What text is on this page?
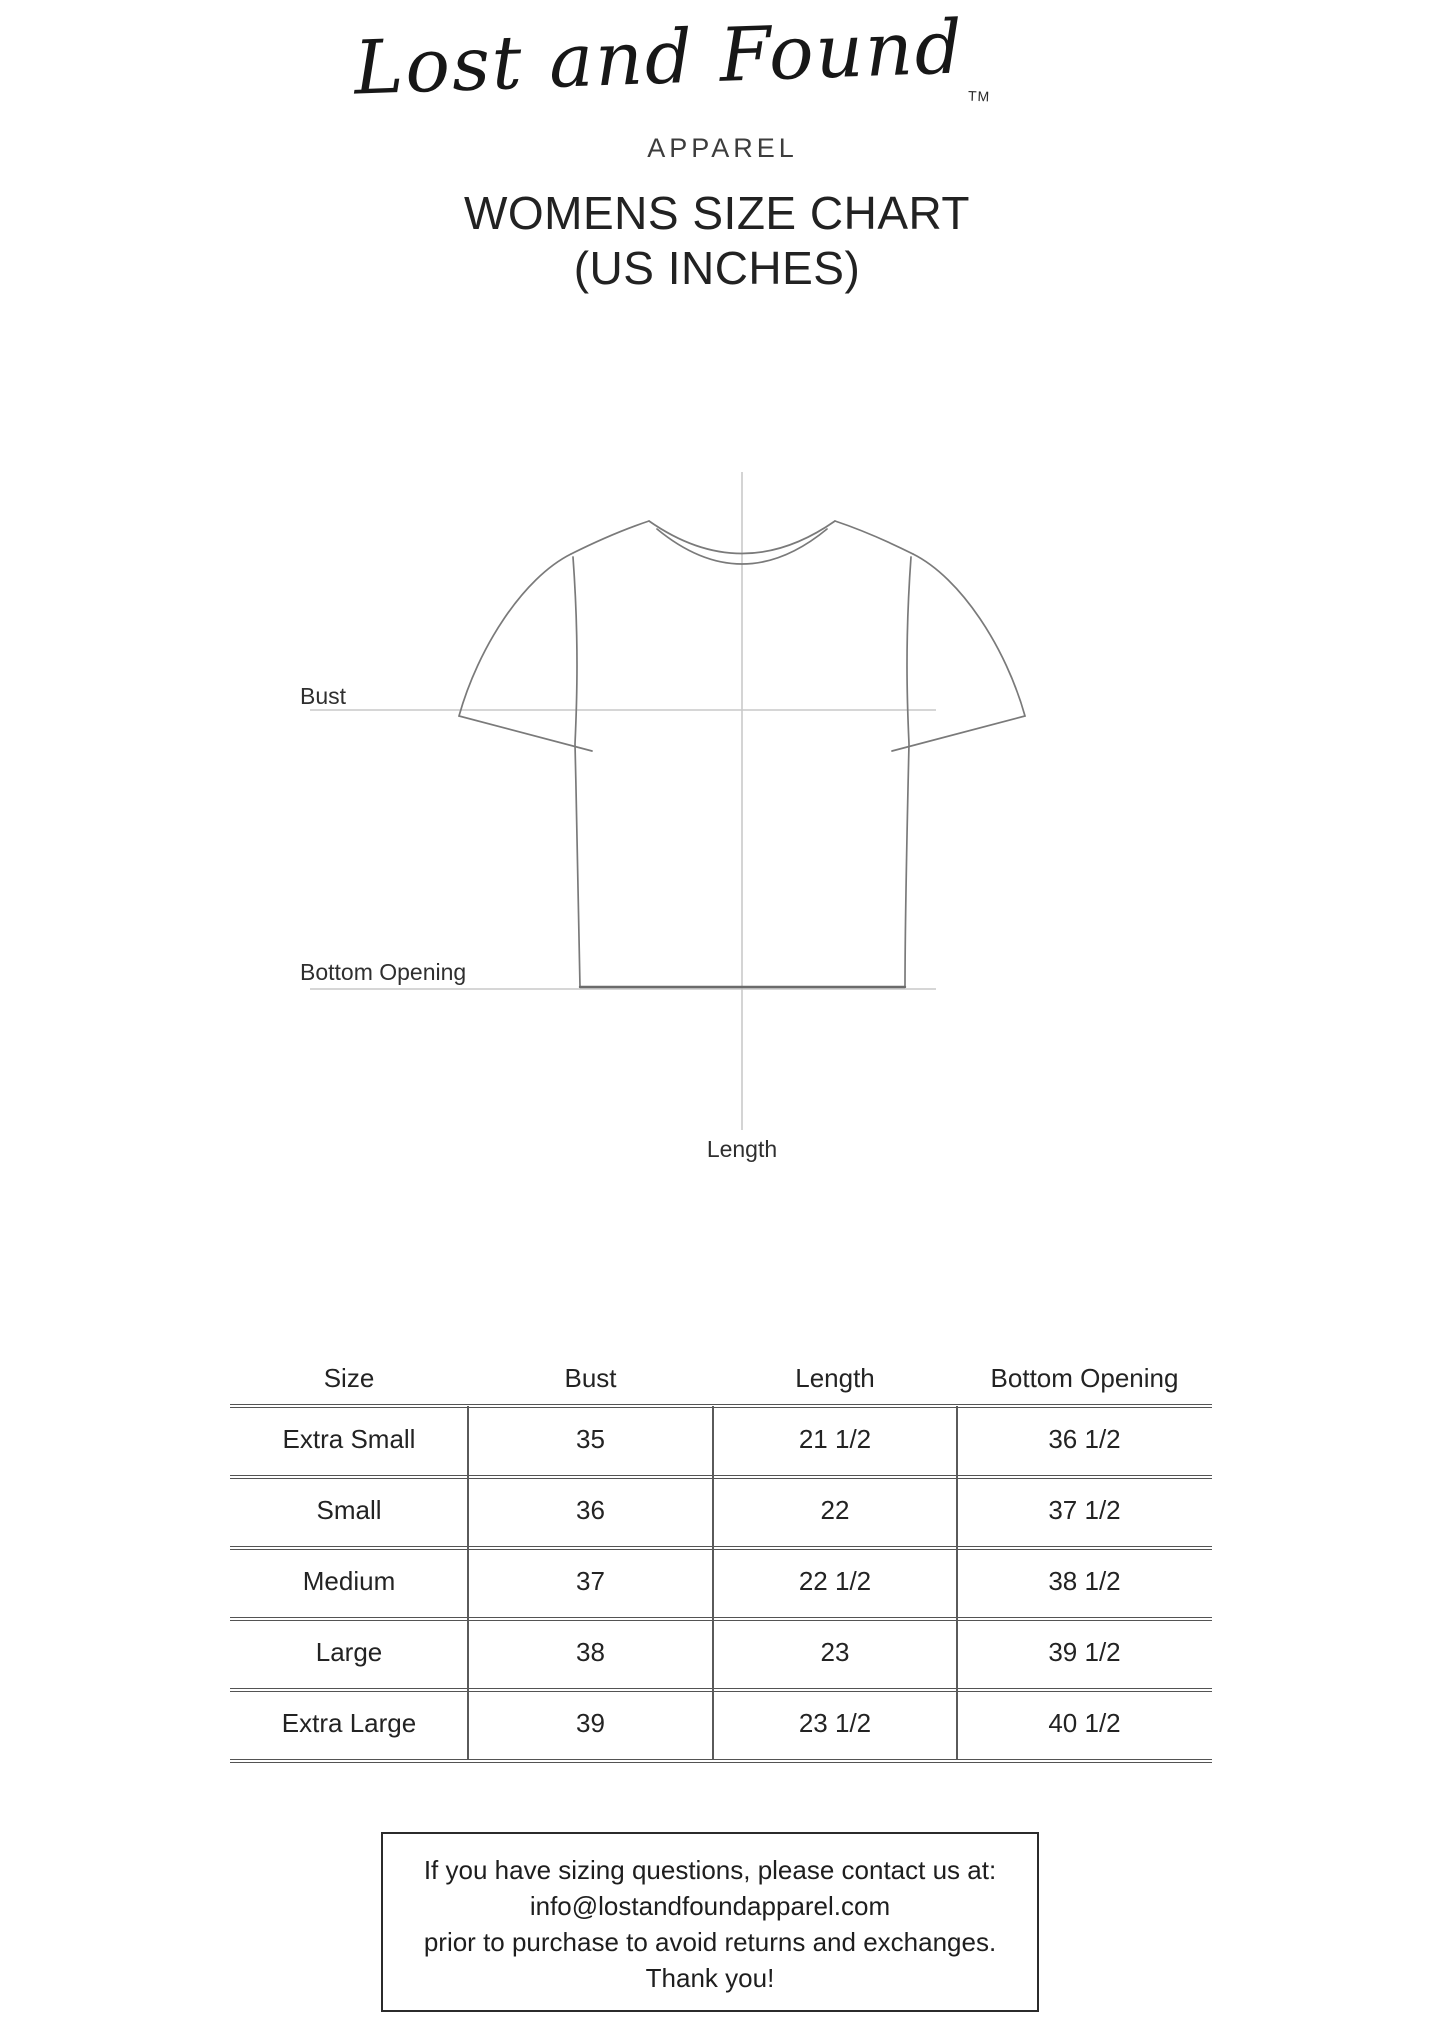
Lost and Found TM
APPAREL
WOMENS SIZE CHART
(US INCHES)
Bust
Bottom Opening
Length
Size	Bust	Length	Bottom Opening
Extra Small	35	21 1/2	36 1/2
Small	36	22	37 1/2
Medium	37	22 1/2	38 1/2
Large	38	23	39 1/2
Extra Large	39	23 1/2	40 1/2
If you have sizing questions, please contact us at:
info@lostandfoundapparel.com
prior to purchase to avoid returns and exchanges.
Thank you!
